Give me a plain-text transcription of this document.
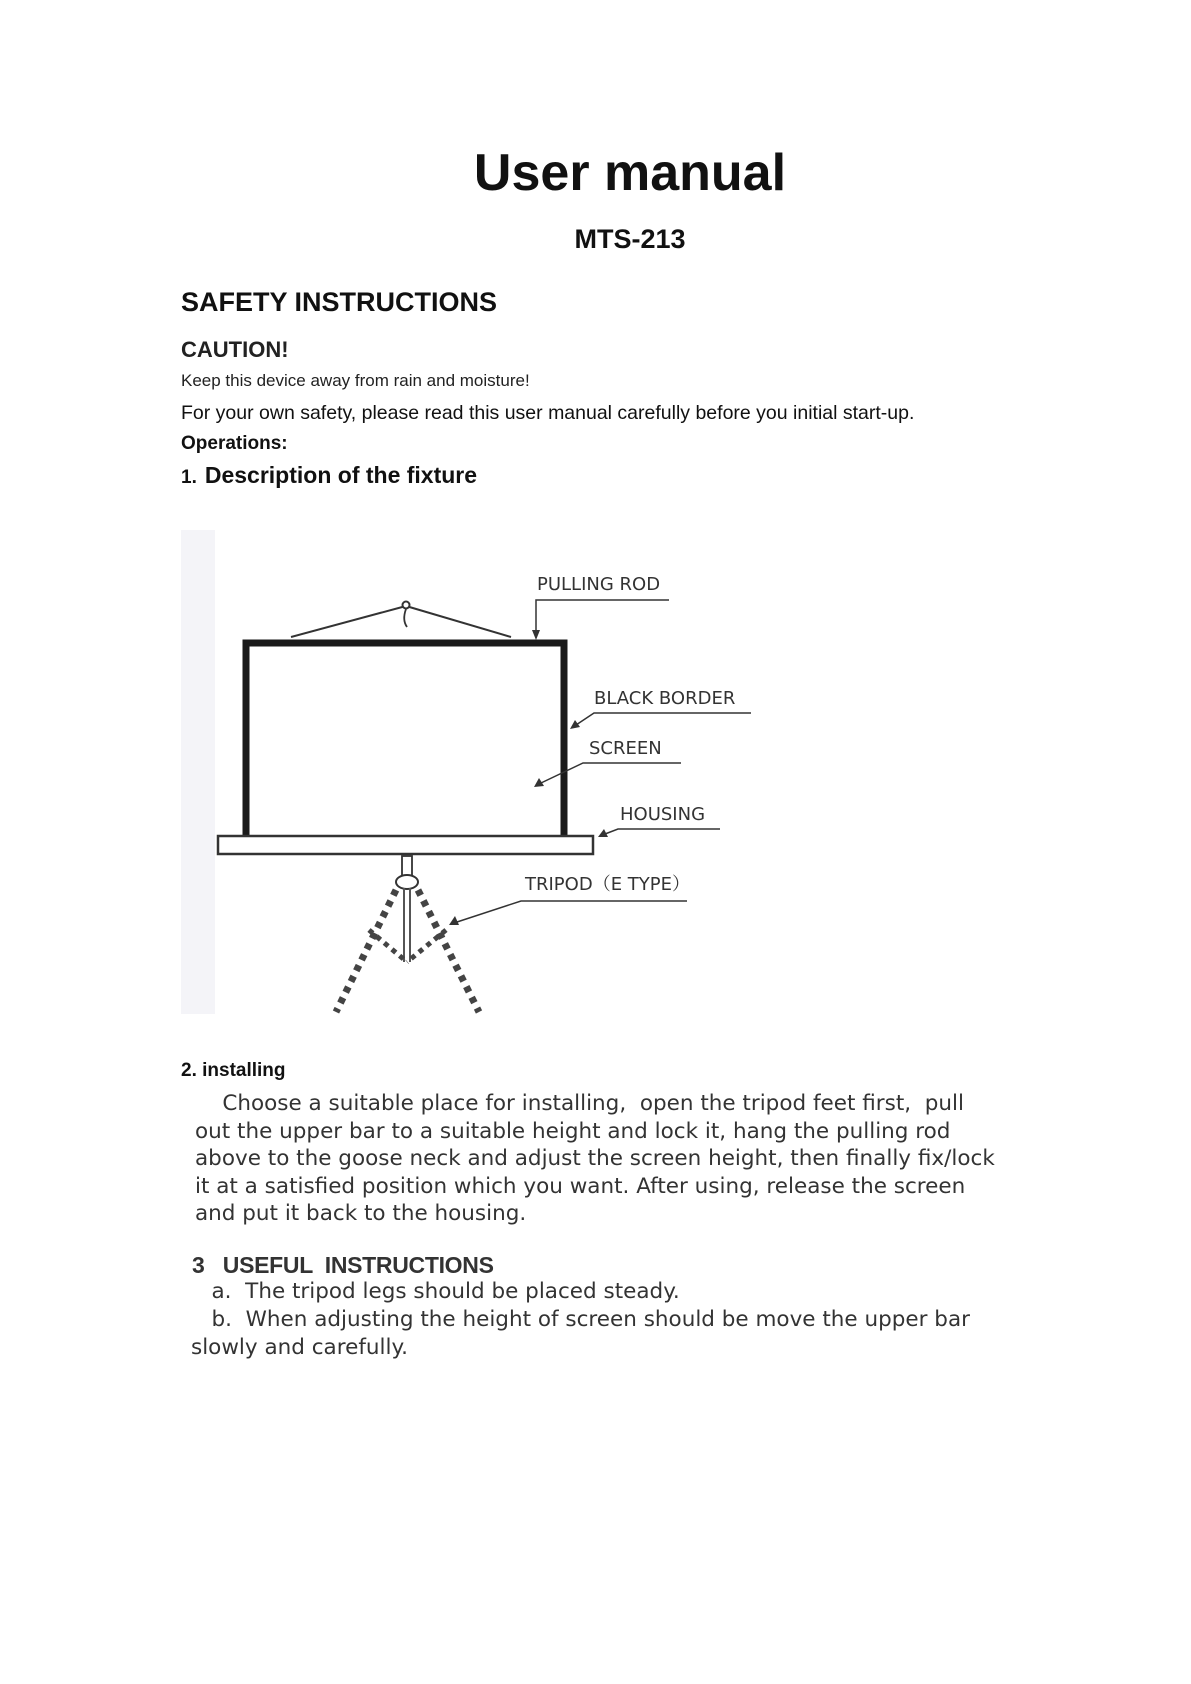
User manual
MTS-213
SAFETY INSTRUCTIONS
CAUTION!
Keep this device away from rain and moisture!
For your own safety, please read this user manual carefully before you initial start-up.
Operations:
1. Description of the fixture
PULLING ROD
BLACK BORDER
SCREEN
HOUSING
TRIPOD（E TYPE）
2. installing
Choose a suitable place for installing,  open the tripod feet first,  pull
out the upper bar to a suitable height and lock it, hang the pulling rod
above to the goose neck and adjust the screen height, then finally fix/lock
it at a satisfied position which you want. After using, release the screen
and put it back to the housing.
3   USEFUL  INSTRUCTIONS
a.  The tripod legs should be placed steady.
b.  When adjusting the height of screen should be move the upper bar
slowly and carefully.
